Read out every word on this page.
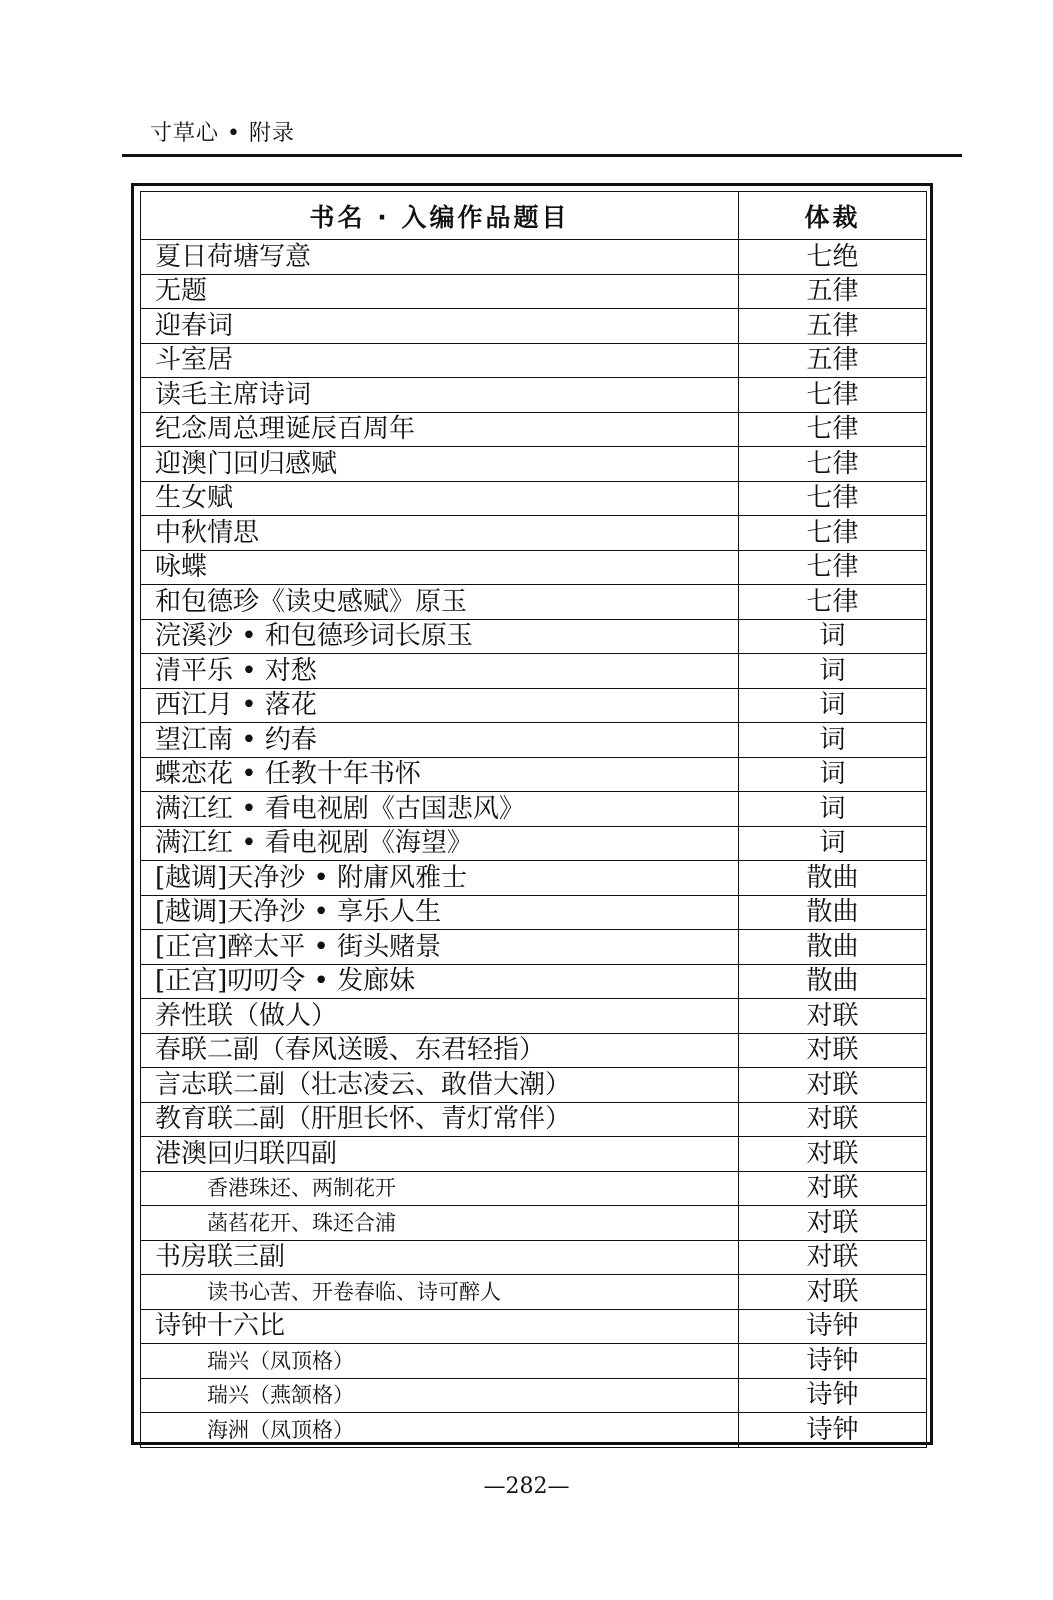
寸草心 • 附录
书名 · 入编作品题目	体裁
夏日荷塘写意	七绝
无题	五律
迎春词	五律
斗室居	五律
读毛主席诗词	七律
纪念周总理诞辰百周年	七律
迎澳门回归感赋	七律
生女赋	七律
中秋情思	七律
咏蝶	七律
和包德珍《读史感赋》原玉	七律
浣溪沙 • 和包德珍词长原玉	词
清平乐 • 对愁	词
西江月 • 落花	词
望江南 • 约春	词
蝶恋花 • 任教十年书怀	词
满江红 • 看电视剧《古国悲风》	词
满江红 • 看电视剧《海望》	词
[越调]天净沙 • 附庸风雅士	散曲
[越调]天净沙 • 享乐人生	散曲
[正宫]醉太平 • 街头赌景	散曲
[正宫]叨叨令 • 发廊妹	散曲
养性联（做人）	对联
春联二副（春风送暖、东君轻指）	对联
言志联二副（壮志凌云、敢借大潮）	对联
教育联二副（肝胆长怀、青灯常伴）	对联
港澳回归联四副	对联
香港珠还、两制花开	对联
菡萏花开、珠还合浦	对联
书房联三副	对联
读书心苦、开卷春临、诗可醉人	对联
诗钟十六比	诗钟
瑞兴（凤顶格）	诗钟
瑞兴（燕颔格）	诗钟
海洲（凤顶格）	诗钟
—282—
